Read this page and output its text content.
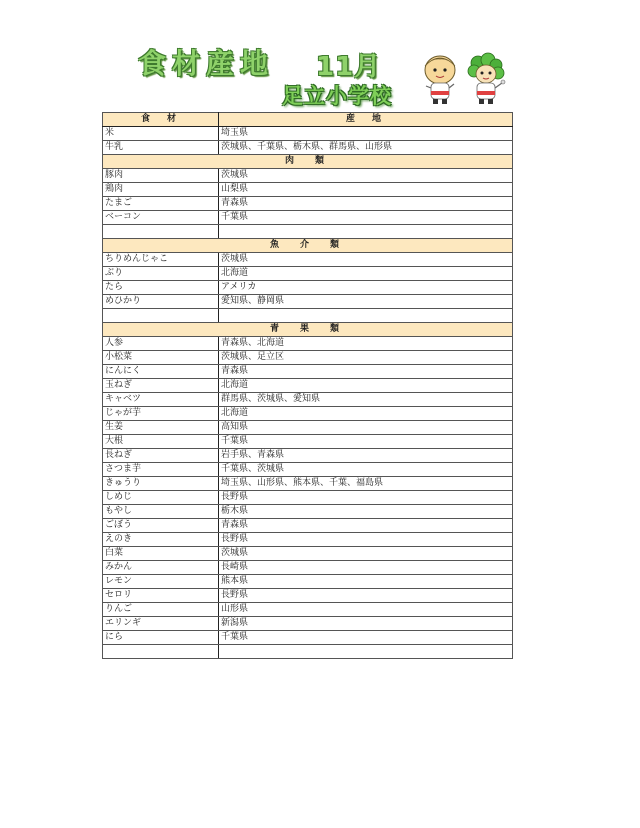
食材産地 11月
足立小学校
食　材	産　地
米	埼玉県
牛乳	茨城県、千葉県、栃木県、群馬県、山形県
肉　類	
豚肉	茨城県
鶏肉	山梨県
たまご	青森県
ベーコン	千葉県

魚　介　類	
ちりめんじゃこ	茨城県
ぶり	北海道
たら	アメリカ
めひかり	愛知県、静岡県

青　果　類	
人参	青森県、北海道
小松菜	茨城県、足立区
にんにく	青森県
玉ねぎ	北海道
キャベツ	群馬県、茨城県、愛知県
じゃが芋	北海道
生姜	高知県
大根	千葉県
長ねぎ	岩手県、青森県
さつま芋	千葉県、茨城県
きゅうり	埼玉県、山形県、熊本県、千葉、福島県
しめじ	長野県
もやし	栃木県
ごぼう	青森県
えのき	長野県
白菜	茨城県
みかん	長崎県
レモン	熊本県
セロリ	長野県
りんご	山形県
エリンギ	新潟県
にら	千葉県
